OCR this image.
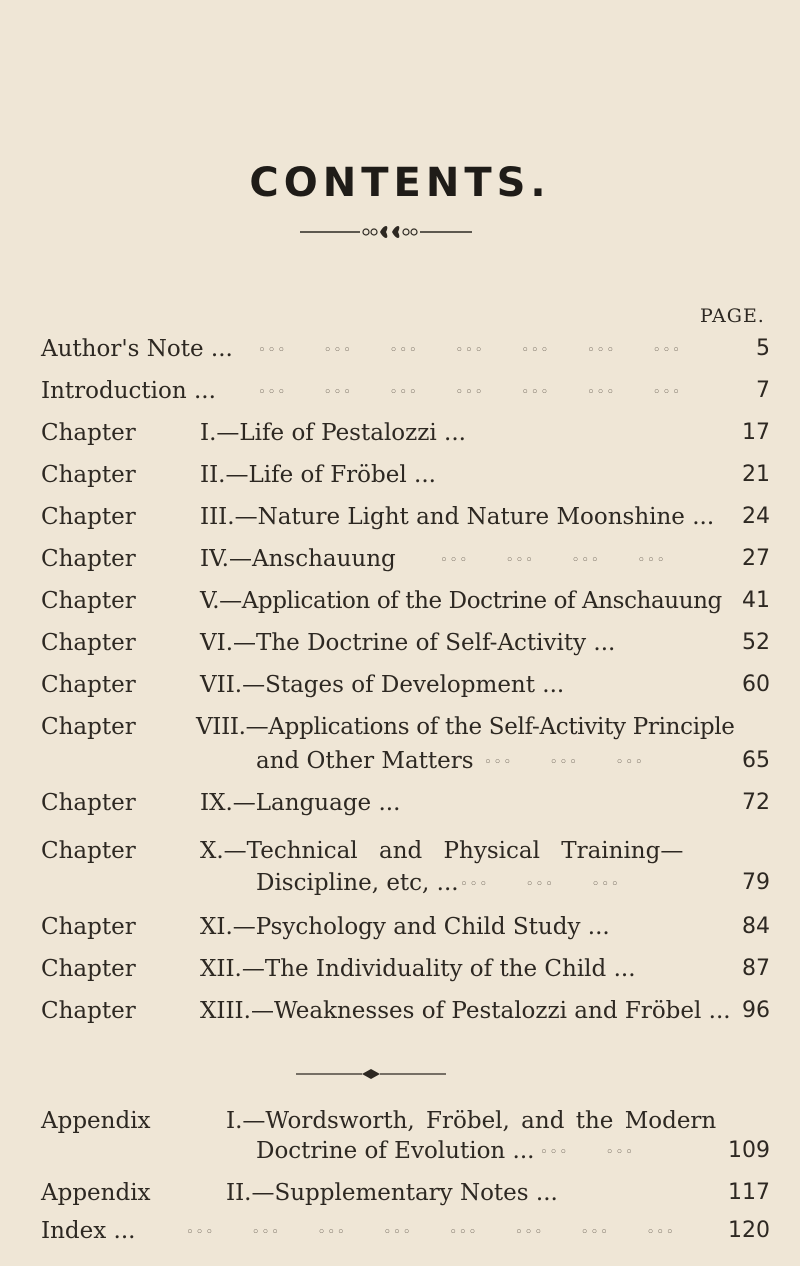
CONTENTS.
PAGE.
Author's Note ... ◦◦◦      ◦◦◦      ◦◦◦      ◦◦◦      ◦◦◦      ◦◦◦      ◦◦◦	5
Introduction ...	◦◦◦      ◦◦◦      ◦◦◦      ◦◦◦      ◦◦◦      ◦◦◦      ◦◦◦	7
Chapter	I.—Life of Pestalozzi ...	17
Chapter	II.—Life of Fröbel ...	21
Chapter	III.—Nature Light and Nature Moonshine ...	24
Chapter	IV.—Anschauung	◦◦◦      ◦◦◦      ◦◦◦      ◦◦◦	27
Chapter	V.—Application of the Doctrine of Anschauung 41
Chapter	VI.—The Doctrine of Self-Activity ...	52
Chapter	VII.—Stages of Development ...	60
Chapter	VIII.—Applications of the Self-Activity Principle
and Other Matters ◦◦◦      ◦◦◦      ◦◦◦	65
Chapter	IX.—Language ...	72
Chapter	X.—Technical and Physical Training—
Discipline, etc, ... ◦◦◦      ◦◦◦      ◦◦◦	79
Chapter	XI.—Psychology and Child Study ...	84
Chapter	XII.—The Individuality of the Child ...	87
Chapter	XIII.—Weaknesses of Pestalozzi and Fröbel ... 96
Appendix	I.—Wordsworth, Fröbel, and the Modern
Doctrine of Evolution ... ◦◦◦      ◦◦◦	109
Appendix	II.—Supplementary Notes ...	117
Index ...	◦◦◦      ◦◦◦      ◦◦◦      ◦◦◦      ◦◦◦      ◦◦◦      ◦◦◦      ◦◦◦	120
